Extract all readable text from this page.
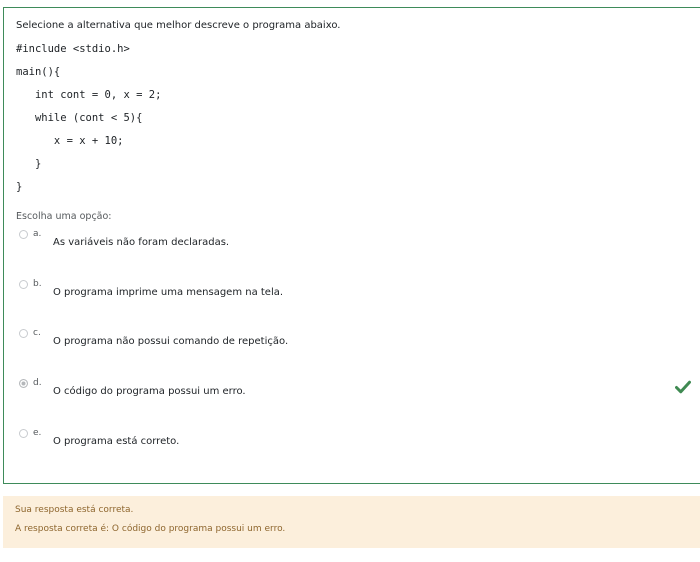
Selecione a alternativa que melhor descreve o programa abaixo.
#include <stdio.h>
main(){
int cont = 0, x = 2;
while (cont < 5){
x = x + 10;
}
}
Escolha uma opção:
a.
As variáveis não foram declaradas.
b.
O programa imprime uma mensagem na tela.
c.
O programa não possui comando de repetição.
d.
O código do programa possui um erro.
e.
O programa está correto.
Sua resposta está correta.
A resposta correta é: O código do programa possui um erro.
